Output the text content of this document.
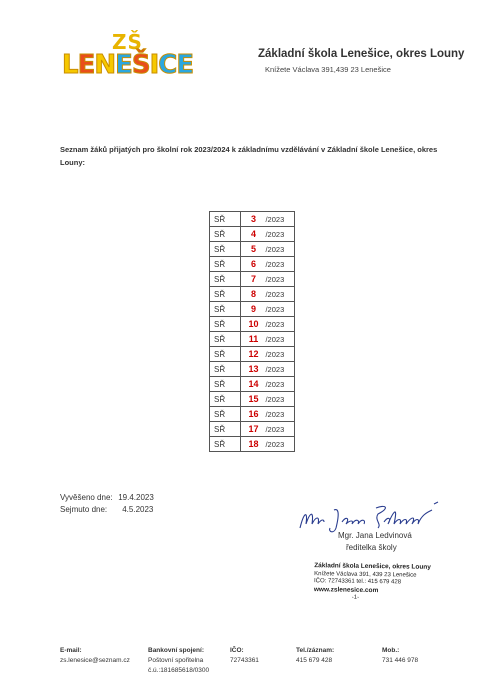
ZŠ
LENEŠICE	Základní škola Lenešice, okres Louny
Knížete Václava 391,439 23 Lenešice
Seznam žáků přijatých pro školní rok 2023/2024 k základnímu vzdělávání v Základní škole Lenešice, okres Louny:
SŘ	3 /2023
SŘ	4 /2023
SŘ	5 /2023
SŘ	6 /2023
SŘ	7 /2023
SŘ	8 /2023
SŘ	9 /2023
SŘ	10 /2023
SŘ	11 /2023
SŘ	12 /2023
SŘ	13 /2023
SŘ	14 /2023
SŘ	15 /2023
SŘ	16 /2023
SŘ	17 /2023
SŘ	18 /2023
Vyvěšeno dne: 19.4.2023
Sejmuto dne: 4.5.2023
Mgr. Jana Ledvinová
ředitelka školy
Základní škola Lenešice, okres Louny
Knížete Václava 391, 439 23 Lenešice
IČO: 72743361 tel.: 415 679 428
www.zslenesice.com
-1-
E-mail:
zs.lenesice@seznam.cz
Bankovní spojení:
Poštovní spořitelna
č.ú.:181685618/0300
IČO:
72743361
Tel./záznam:
415 679 428
Mob.:
731 446 978
